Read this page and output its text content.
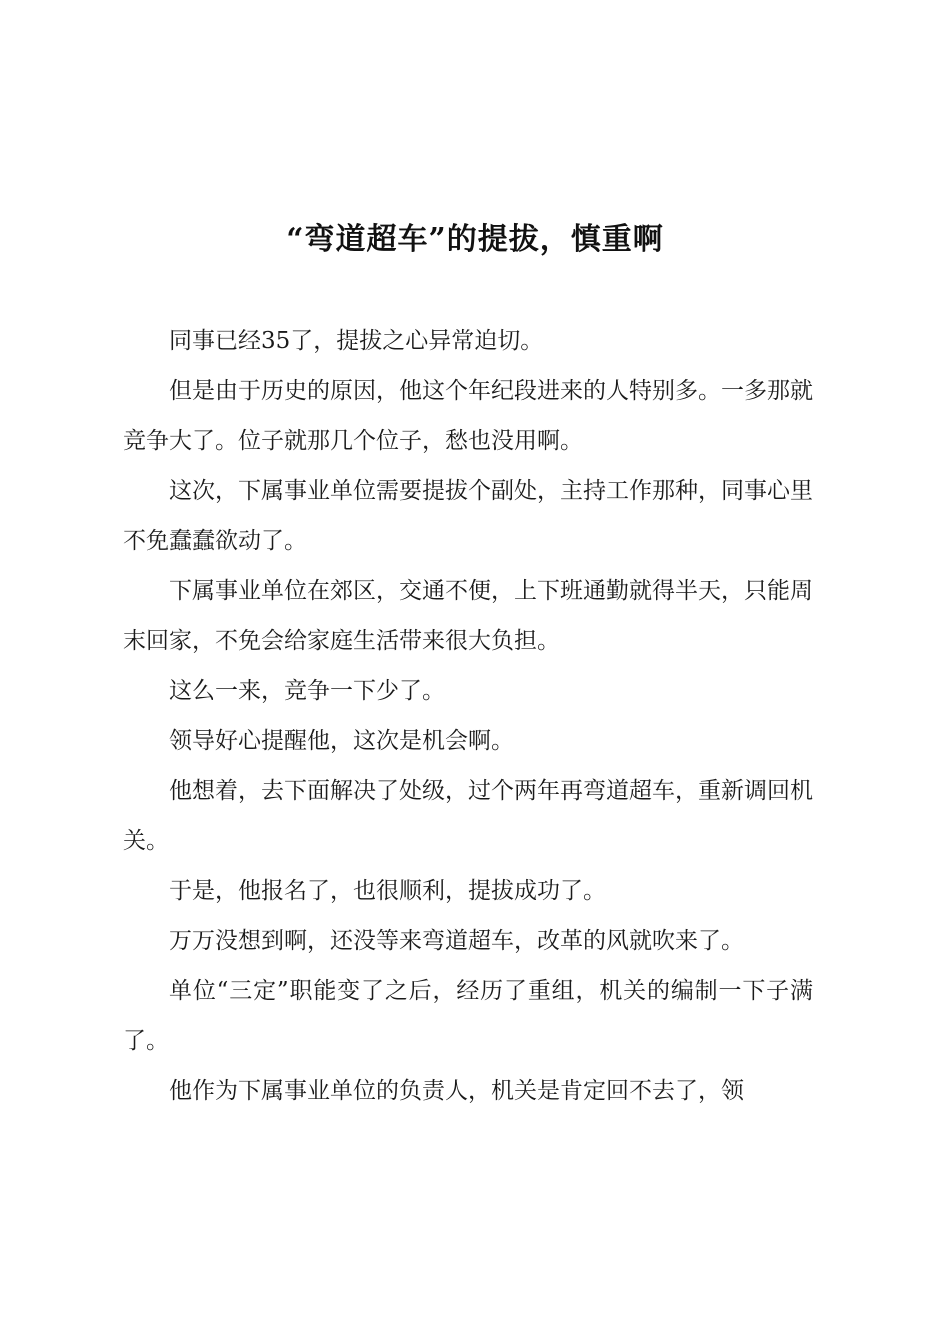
“弯道超车”的提拔，慎重啊

同事已经35了，提拔之心异常迫切。

但是由于历史的原因，他这个年纪段进来的人特别多。一多那就竞争大了。位子就那几个位子，愁也没用啊。

这次，下属事业单位需要提拔个副处，主持工作那种，同事心里不免蠢蠢欲动了。

下属事业单位在郊区，交通不便，上下班通勤就得半天，只能周末回家，不免会给家庭生活带来很大负担。

这么一来，竞争一下少了。

领导好心提醒他，这次是机会啊。

他想着，去下面解决了处级，过个两年再弯道超车，重新调回机关。

于是，他报名了，也很顺利，提拔成功了。

万万没想到啊，还没等来弯道超车，改革的风就吹来了。

单位“三定”职能变了之后，经历了重组，机关的编制一下子满了。

他作为下属事业单位的负责人，机关是肯定回不去了，领
